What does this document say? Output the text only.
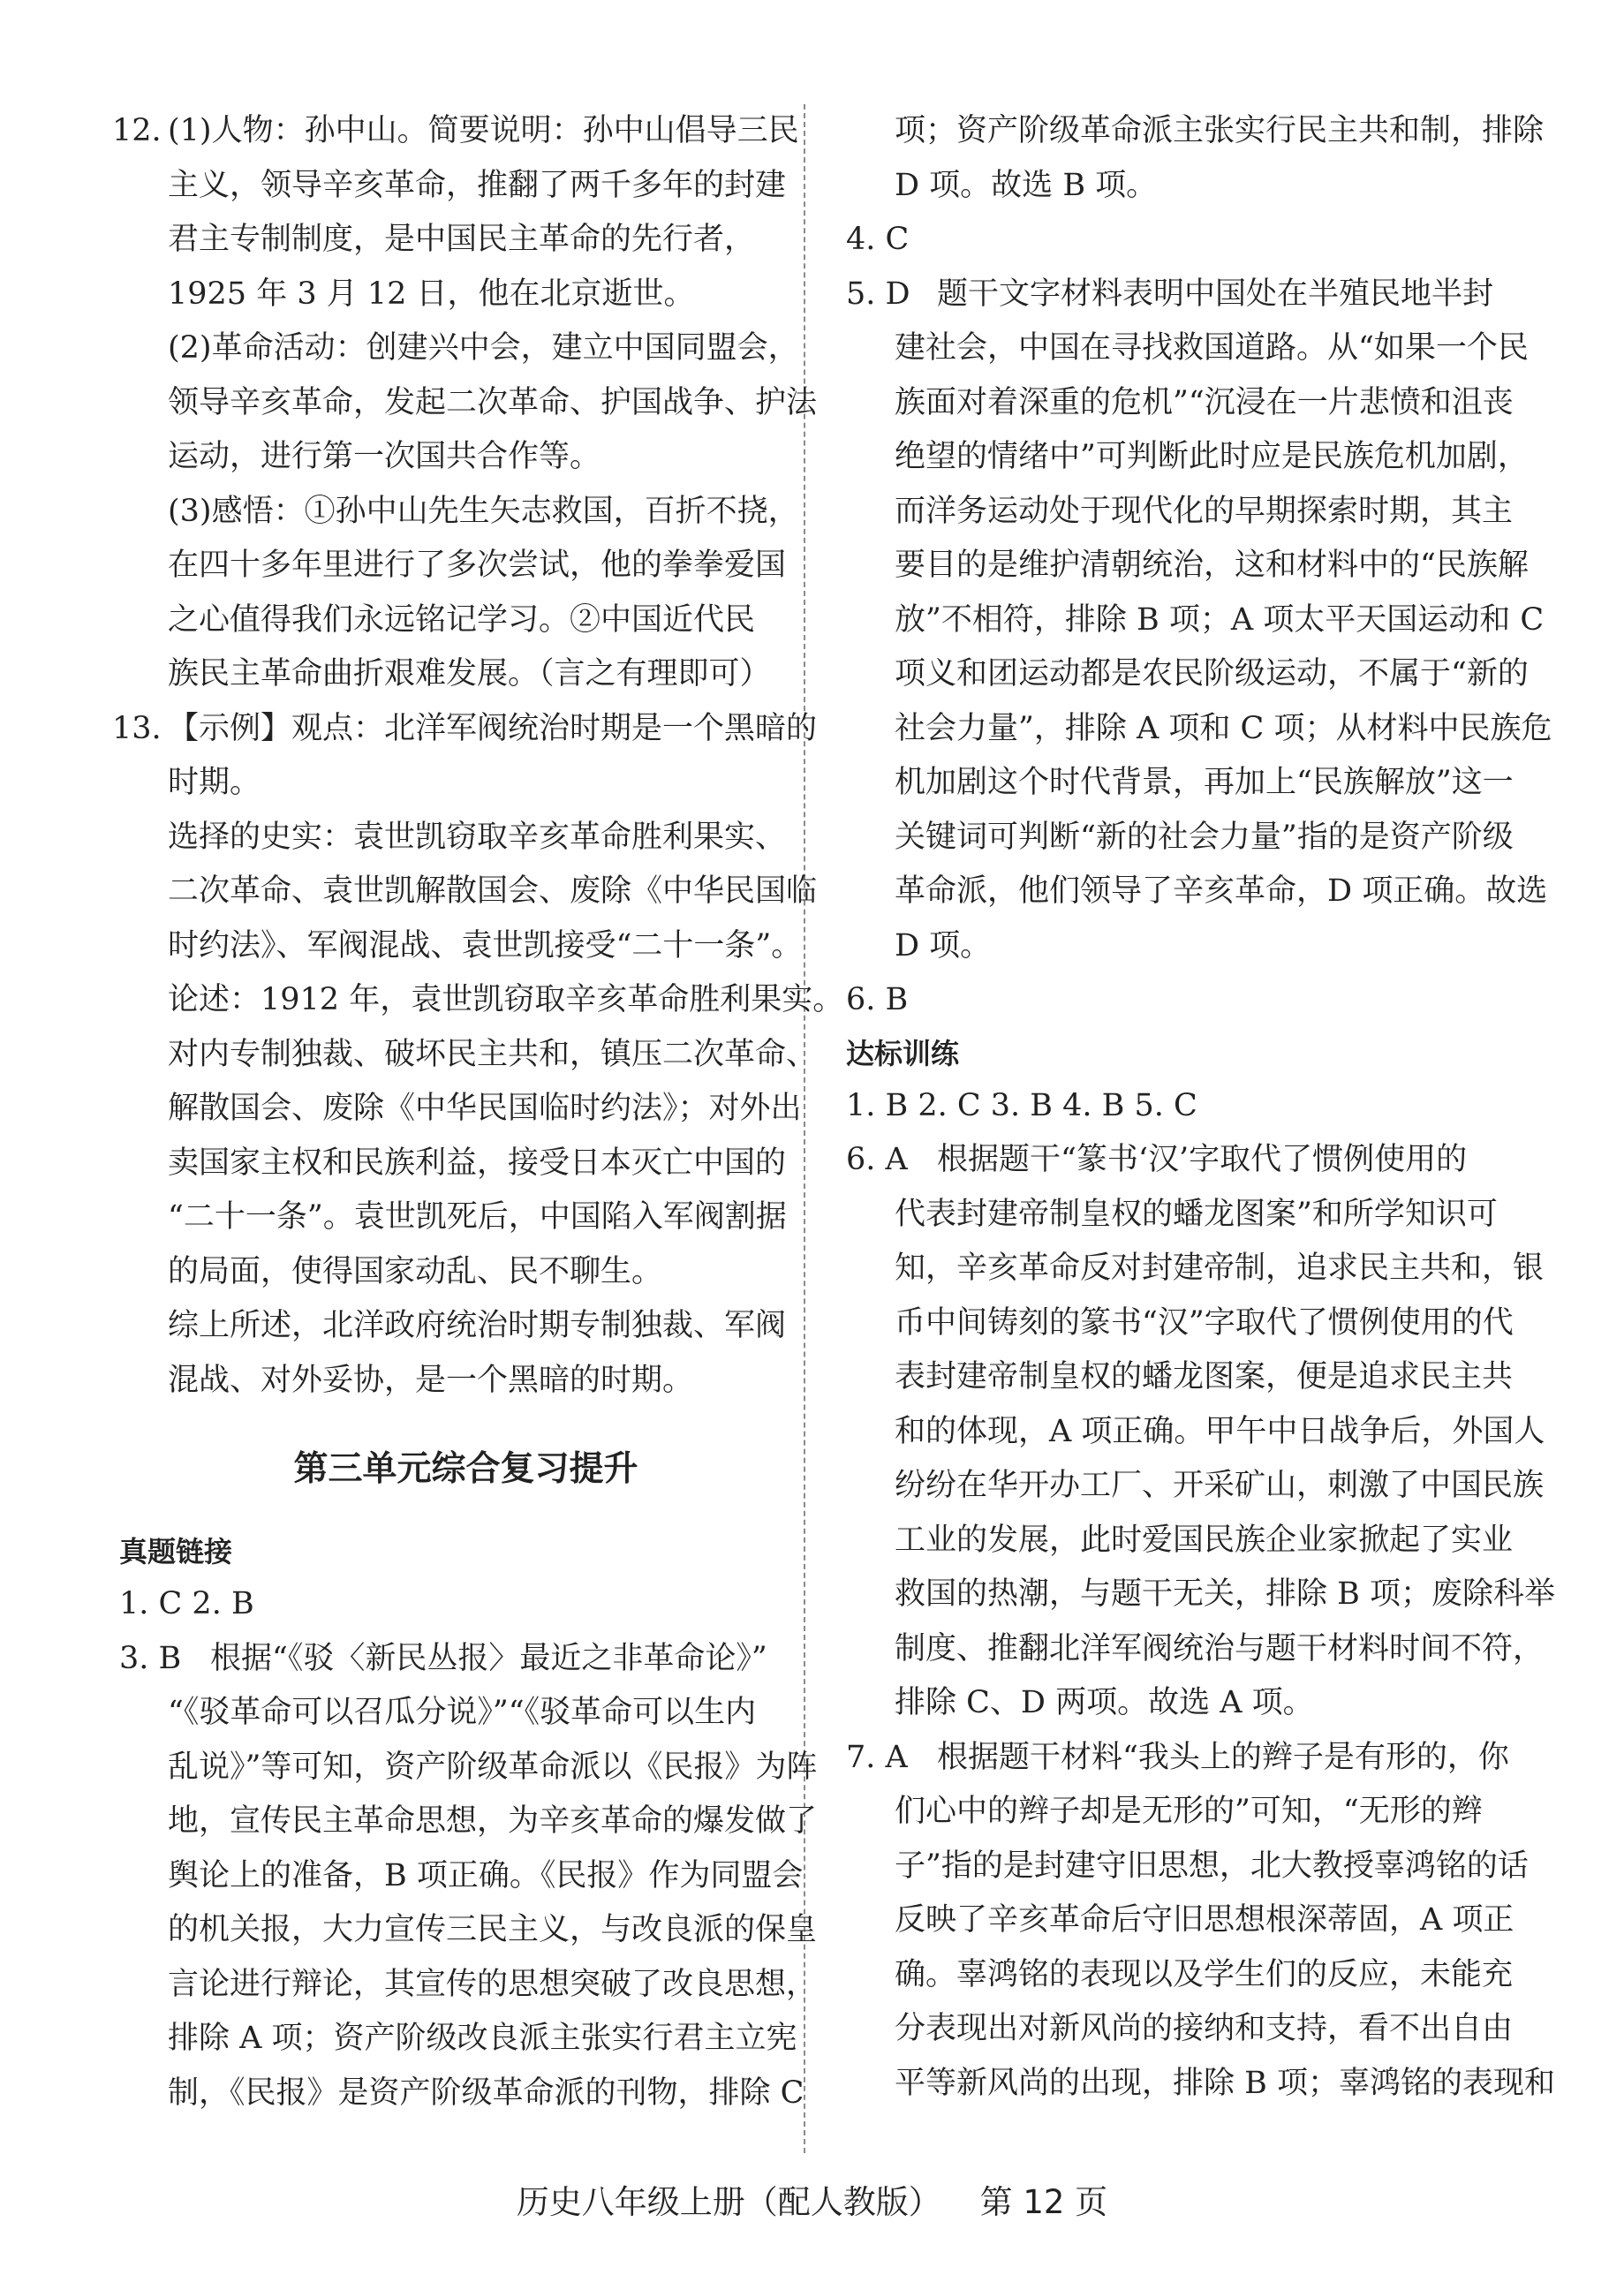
12. (1)人物：孙中山。简要说明：孙中山倡导三民
主义，领导辛亥革命，推翻了两千多年的封建
君主专制制度，是中国民主革命的先行者，
1925 年 3 月 12 日，他在北京逝世。
(2)革命活动：创建兴中会，建立中国同盟会，
领导辛亥革命，发起二次革命、护国战争、护法
运动，进行第一次国共合作等。
(3)感悟：①孙中山先生矢志救国，百折不挠，
在四十多年里进行了多次尝试，他的拳拳爱国
之心值得我们永远铭记学习。②中国近代民
族民主革命曲折艰难发展。（言之有理即可）
13. 【示例】观点：北洋军阀统治时期是一个黑暗的
时期。
选择的史实：袁世凯窃取辛亥革命胜利果实、
二次革命、袁世凯解散国会、废除《中华民国临
时约法》、军阀混战、袁世凯接受“二十一条”。
论述：1912 年，袁世凯窃取辛亥革命胜利果实。
对内专制独裁、破坏民主共和，镇压二次革命、
解散国会、废除《中华民国临时约法》；对外出
卖国家主权和民族利益，接受日本灭亡中国的
“二十一条”。袁世凯死后，中国陷入军阀割据
的局面，使得国家动乱、民不聊生。
综上所述，北洋政府统治时期专制独裁、军阀
混战、对外妥协，是一个黑暗的时期。
第三单元综合复习提升
真题链接
1. C 2. B
3. B 根据“《驳〈新民丛报〉最近之非革命论》”
“《驳革命可以召瓜分说》”“《驳革命可以生内
乱说》”等可知，资产阶级革命派以《民报》为阵
地，宣传民主革命思想，为辛亥革命的爆发做了
舆论上的准备，B 项正确。《民报》作为同盟会
的机关报，大力宣传三民主义，与改良派的保皇
言论进行辩论，其宣传的思想突破了改良思想，
排除 A 项；资产阶级改良派主张实行君主立宪
制，《民报》是资产阶级革命派的刊物，排除 C
项；资产阶级革命派主张实行民主共和制，排除
D 项。故选 B 项。
4. C
5. D 题干文字材料表明中国处在半殖民地半封
建社会，中国在寻找救国道路。从“如果一个民
族面对着深重的危机”“沉浸在一片悲愤和沮丧
绝望的情绪中”可判断此时应是民族危机加剧，
而洋务运动处于现代化的早期探索时期，其主
要目的是维护清朝统治，这和材料中的“民族解
放”不相符，排除 B 项；A 项太平天国运动和 C
项义和团运动都是农民阶级运动，不属于“新的
社会力量”，排除 A 项和 C 项；从材料中民族危
机加剧这个时代背景，再加上“民族解放”这一
关键词可判断“新的社会力量”指的是资产阶级
革命派，他们领导了辛亥革命，D 项正确。故选
D 项。
6. B
达标训练
1. B 2. C 3. B 4. B 5. C
6. A 根据题干“篆书‘汉’字取代了惯例使用的
代表封建帝制皇权的蟠龙图案”和所学知识可
知，辛亥革命反对封建帝制，追求民主共和，银
币中间铸刻的篆书“汉”字取代了惯例使用的代
表封建帝制皇权的蟠龙图案，便是追求民主共
和的体现，A 项正确。甲午中日战争后，外国人
纷纷在华开办工厂、开采矿山，刺激了中国民族
工业的发展，此时爱国民族企业家掀起了实业
救国的热潮，与题干无关，排除 B 项；废除科举
制度、推翻北洋军阀统治与题干材料时间不符，
排除 C、D 两项。故选 A 项。
7. A 根据题干材料“我头上的辫子是有形的，你
们心中的辫子却是无形的”可知，“无形的辫
子”指的是封建守旧思想，北大教授辜鸿铭的话
反映了辛亥革命后守旧思想根深蒂固，A 项正
确。辜鸿铭的表现以及学生们的反应，未能充
分表现出对新风尚的接纳和支持，看不出自由
平等新风尚的出现，排除 B 项；辜鸿铭的表现和
历史八年级上册（配人教版） 第 12 页
